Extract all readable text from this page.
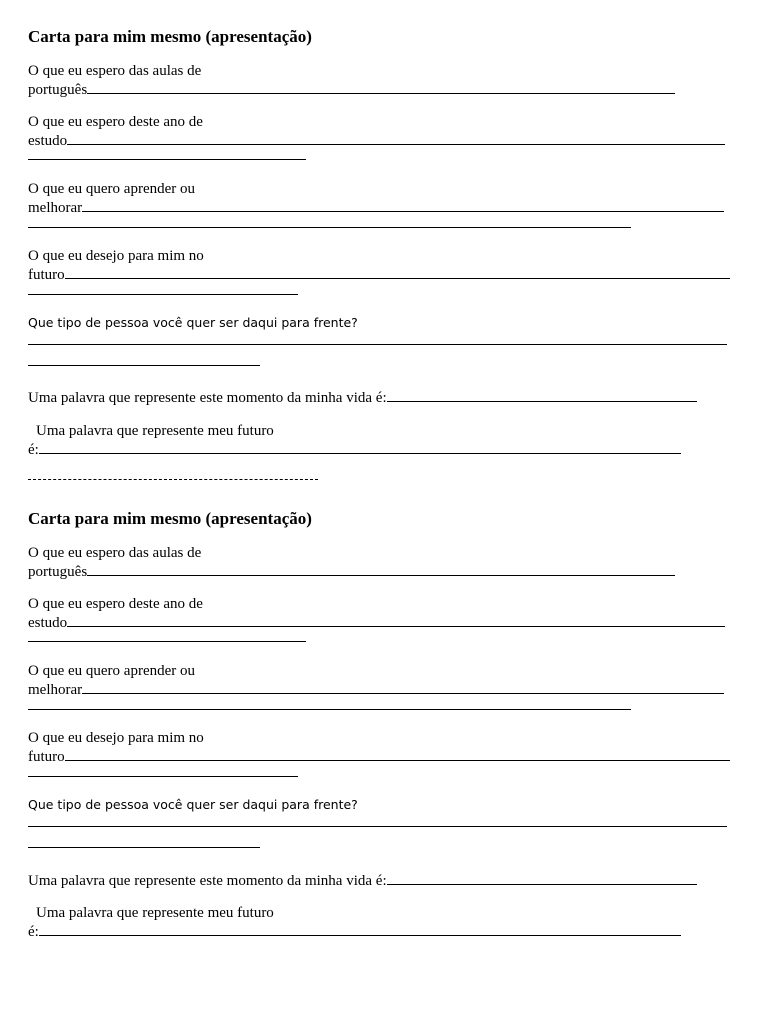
Carta para mim mesmo (apresentação)
O que eu espero das aulas de
português
O que eu espero deste ano de
estudo
O que eu quero aprender ou
melhorar
O que eu desejo para mim no
futuro
Que tipo de pessoa você quer ser daqui para frente?
Uma palavra que represente este momento da minha vida é:
Uma palavra que represente meu futuro
é:
Carta para mim mesmo (apresentação)
O que eu espero das aulas de
português
O que eu espero deste ano de
estudo
O que eu quero aprender ou
melhorar
O que eu desejo para mim no
futuro
Que tipo de pessoa você quer ser daqui para frente?
Uma palavra que represente este momento da minha vida é:
Uma palavra que represente meu futuro
é:
